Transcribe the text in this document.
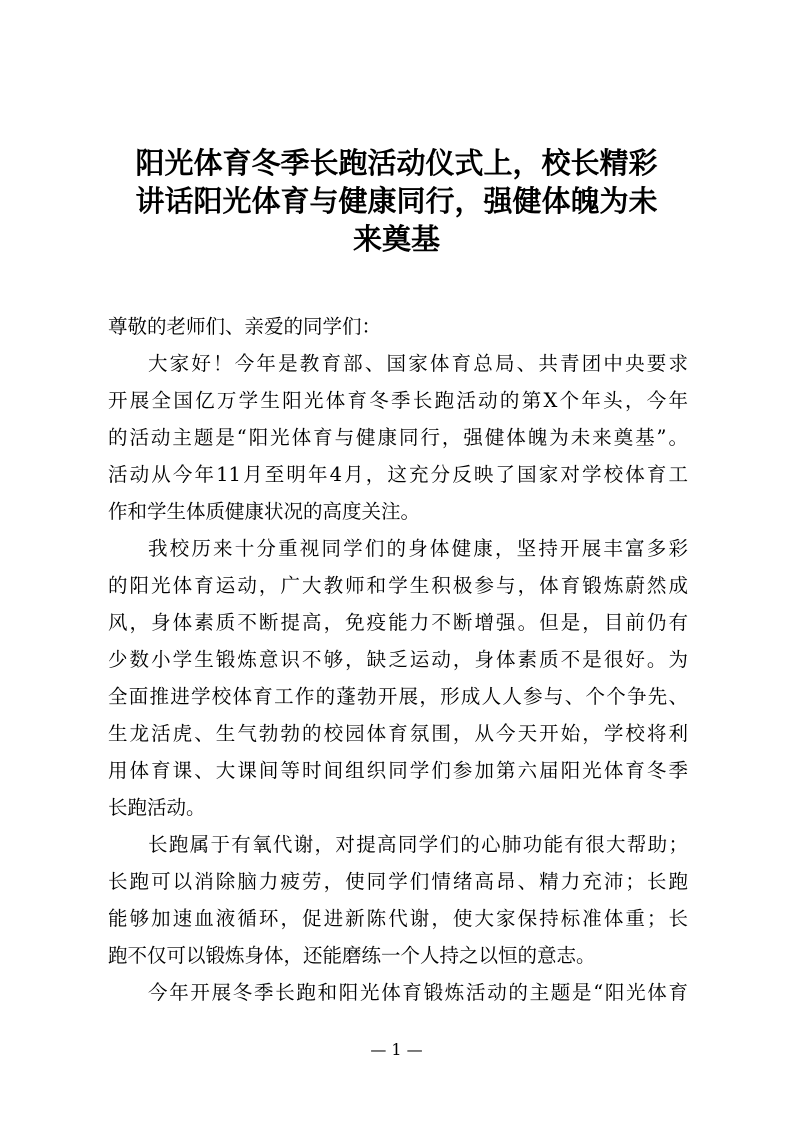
阳光体育冬季长跑活动仪式上，校长精彩
讲话阳光体育与健康同行，强健体魄为未
来奠基
尊敬的老师们、亲爱的同学们：
大家好！今年是教育部、国家体育总局、共青团中央要求
开展全国亿万学生阳光体育冬季长跑活动的第X个年头，今年
的活动主题是“阳光体育与健康同行，强健体魄为未来奠基”。
活动从今年11月至明年4月，这充分反映了国家对学校体育工
作和学生体质健康状况的高度关注。
我校历来十分重视同学们的身体健康，坚持开展丰富多彩
的阳光体育运动，广大教师和学生积极参与，体育锻炼蔚然成
风，身体素质不断提高，免疫能力不断增强。但是，目前仍有
少数小学生锻炼意识不够，缺乏运动，身体素质不是很好。为
全面推进学校体育工作的蓬勃开展，形成人人参与、个个争先、
生龙活虎、生气勃勃的校园体育氛围，从今天开始，学校将利
用体育课、大课间等时间组织同学们参加第六届阳光体育冬季
长跑活动。
长跑属于有氧代谢，对提高同学们的心肺功能有很大帮助；
长跑可以消除脑力疲劳，使同学们情绪高昂、精力充沛；长跑
能够加速血液循环，促进新陈代谢，使大家保持标准体重；长
跑不仅可以锻炼身体，还能磨练一个人持之以恒的意志。
今年开展冬季长跑和阳光体育锻炼活动的主题是“阳光体育
— 1 —
